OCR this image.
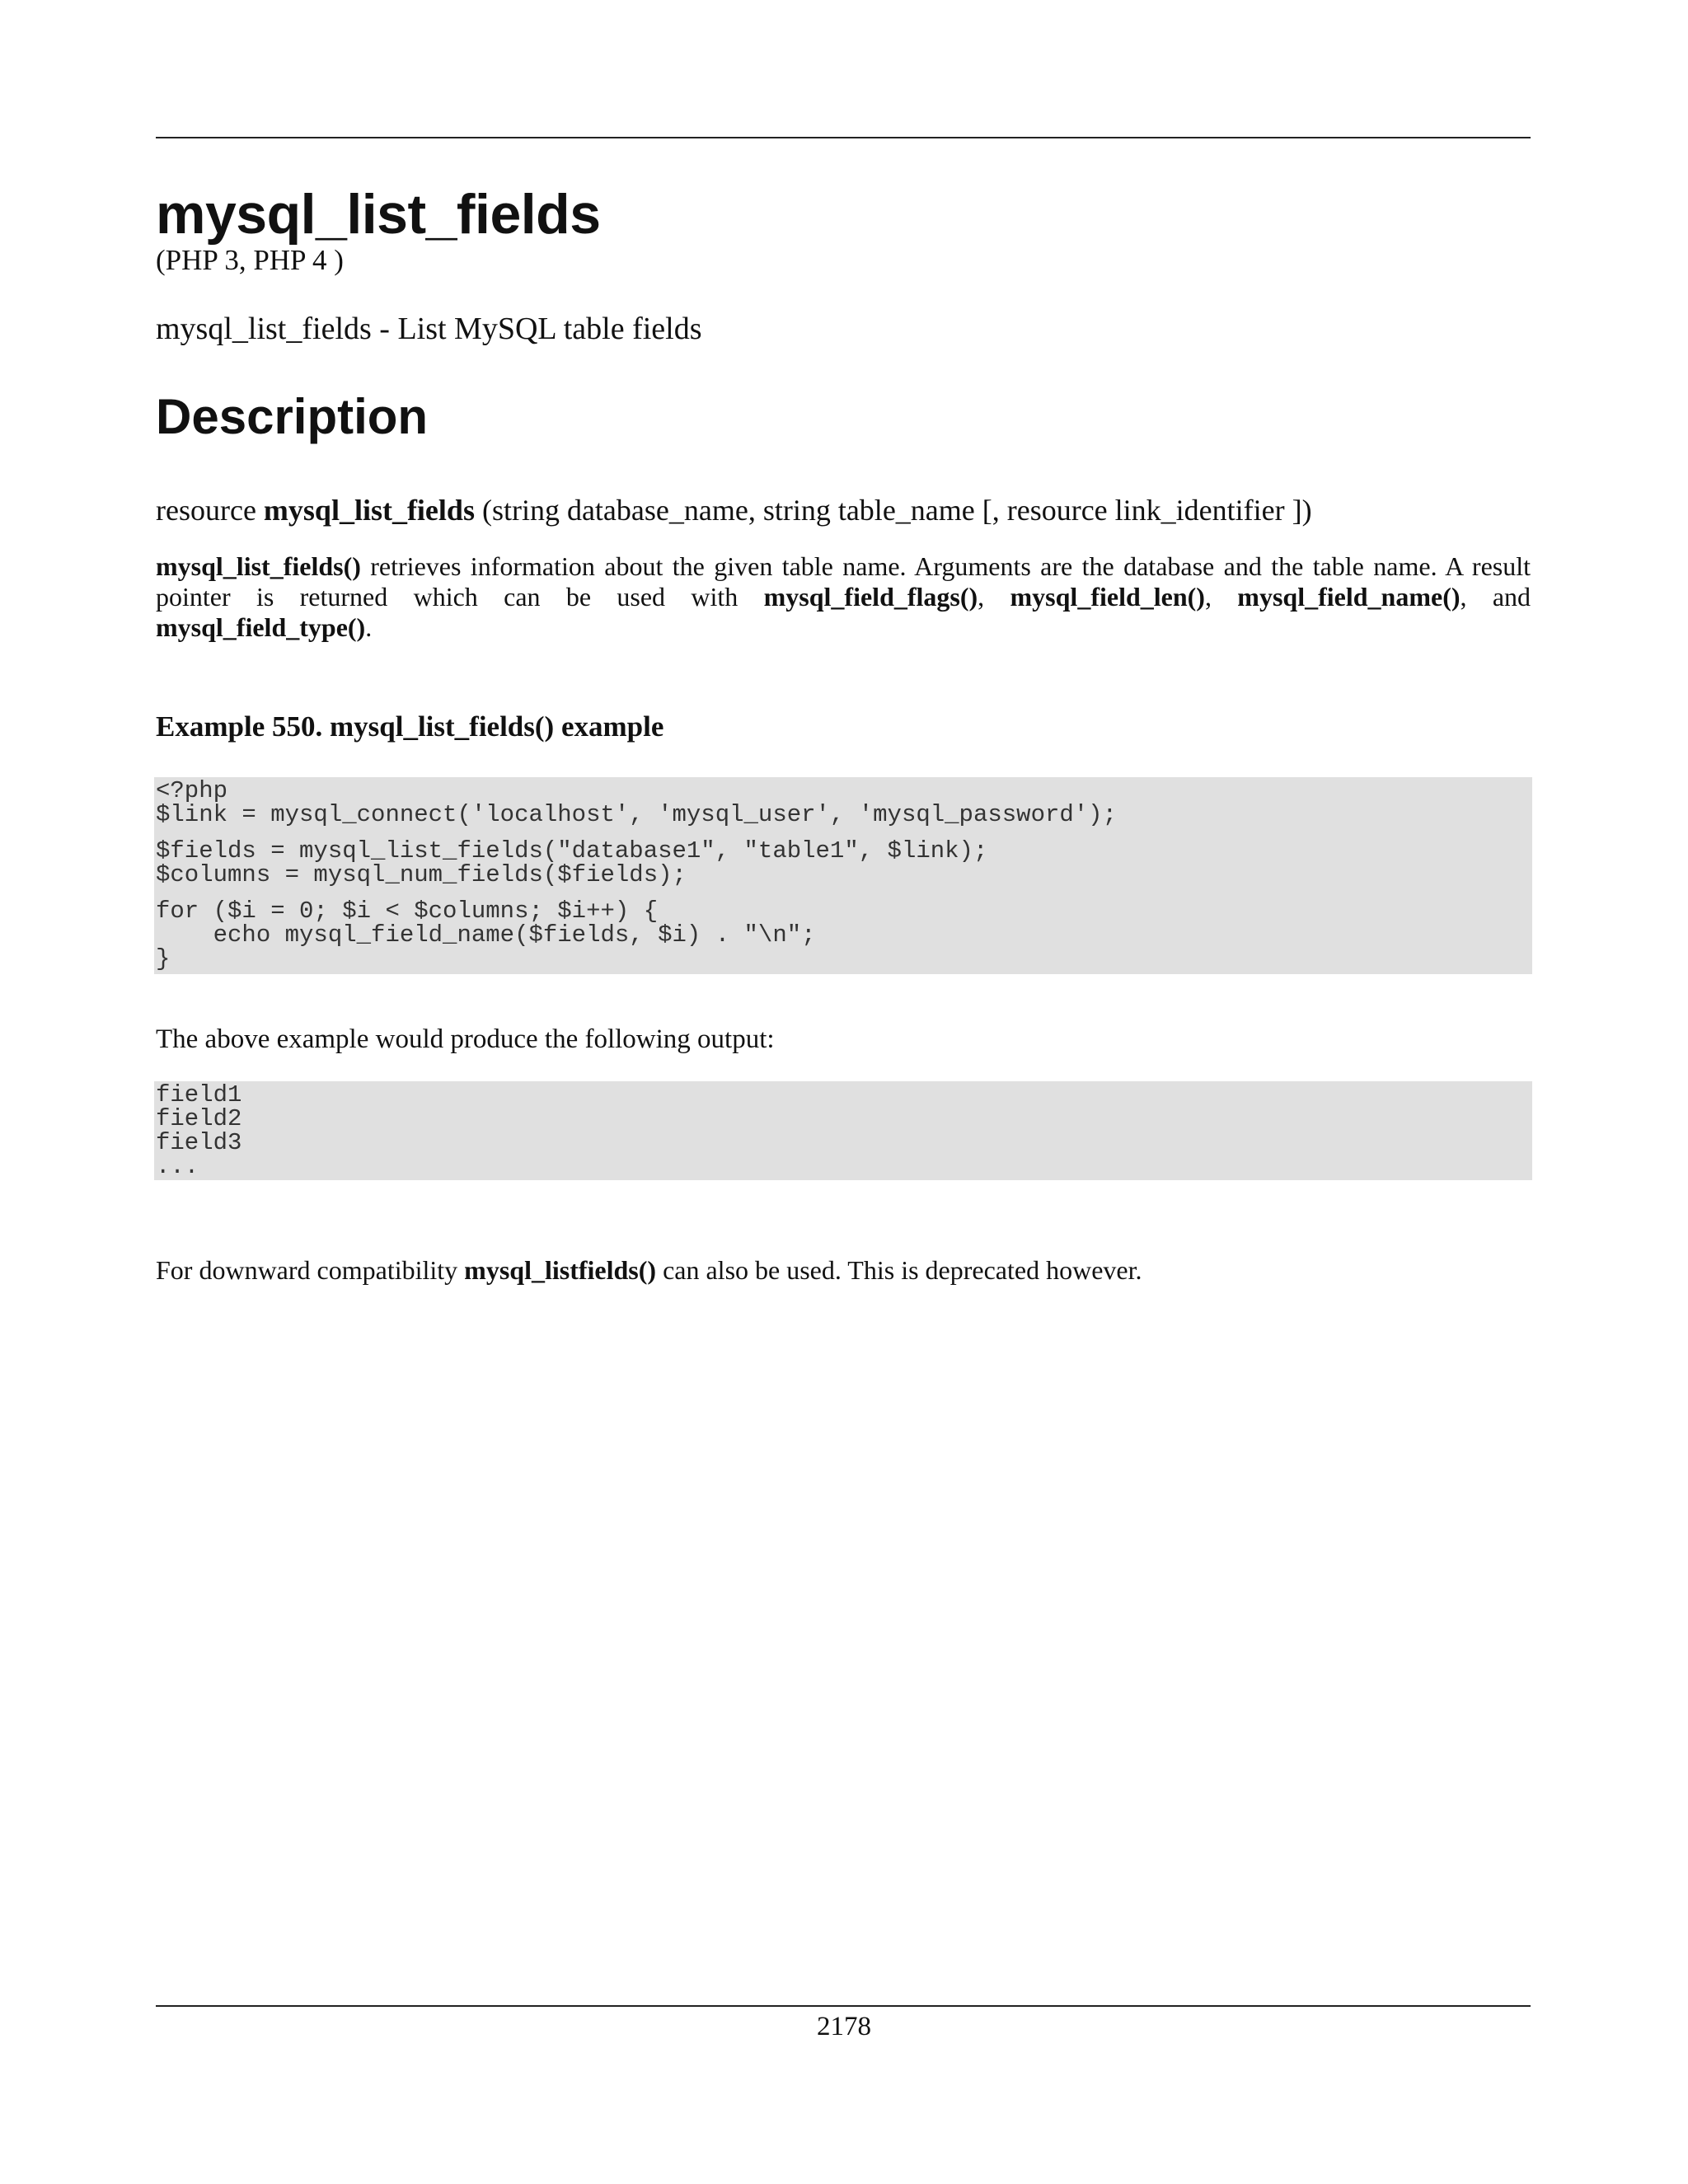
mysql_list_fields
(PHP 3, PHP 4 )
mysql_list_fields - List MySQL table fields
Description
resource mysql_list_fields (string database_name, string table_name [, resource link_identifier ])
mysql_list_fields() retrieves information about the given table name. Arguments are the database and the table name. A result pointer is returned which can be used with mysql_field_flags(), mysql_field_len(), mysql_field_name(), and mysql_field_type().
Example 550. mysql_list_fields() example
<?php
$link = mysql_connect('localhost', 'mysql_user', 'mysql_password');
$fields = mysql_list_fields("database1", "table1", $link);
$columns = mysql_num_fields($fields);
for ($i = 0; $i < $columns; $i++) {
echo mysql_field_name($fields, $i) . "\n";
}
The above example would produce the following output:
field1
field2
field3
...
For downward compatibility mysql_listfields() can also be used. This is deprecated however.
2178
